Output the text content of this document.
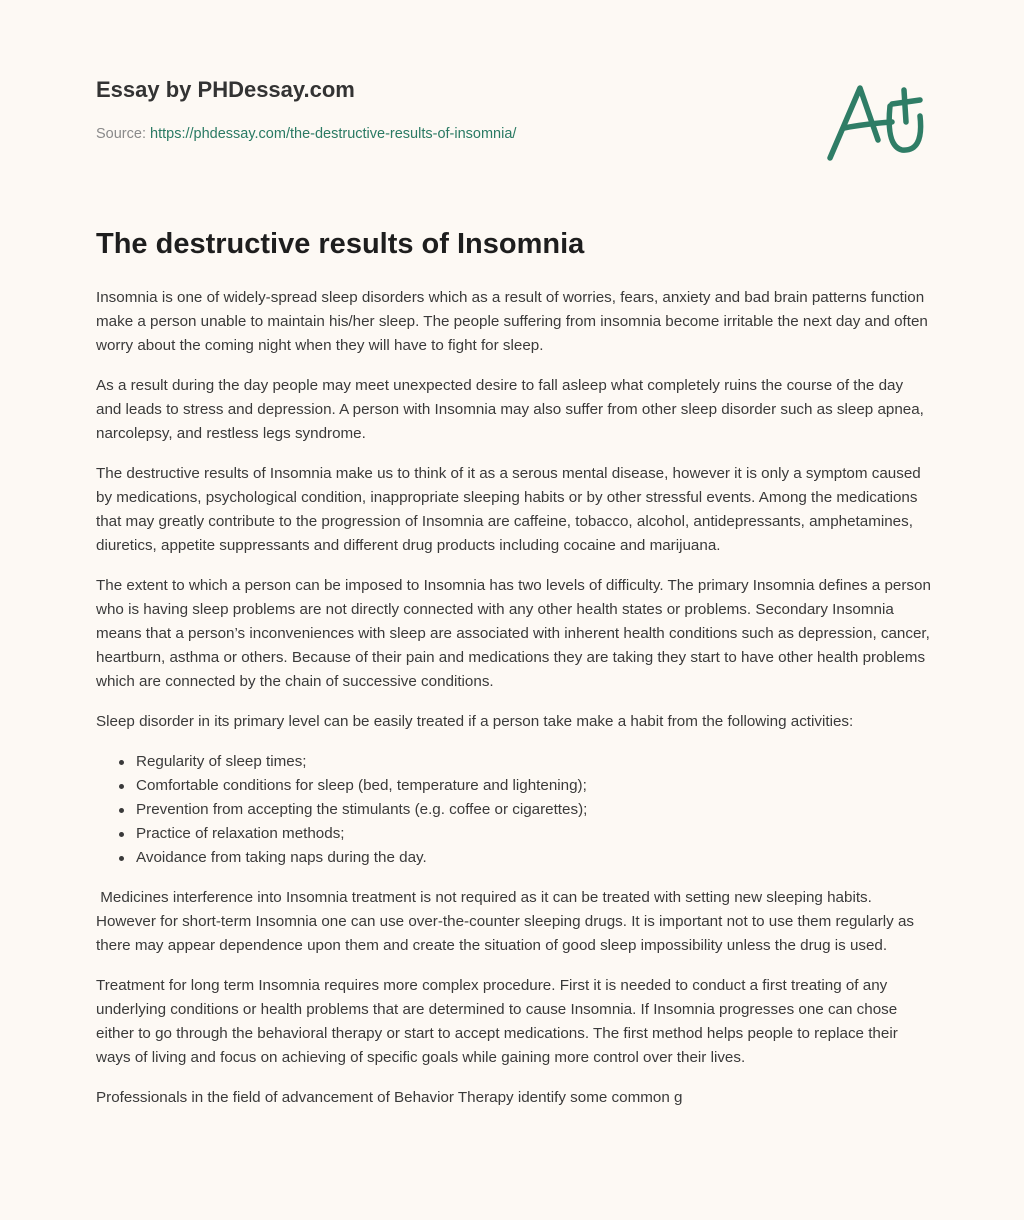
Essay by PHDessay.com

Source: https://phdessay.com/the-destructive-results-of-insomnia/
The destructive results of Insomnia

Insomnia is one of widely-spread sleep disorders which as a result of worries, fears, anxiety and bad brain patterns function make a person unable to maintain his/her sleep. The people suffering from insomnia become irritable the next day and often worry about the coming night when they will have to fight for sleep.

As a result during the day people may meet unexpected desire to fall asleep what completely ruins the course of the day and leads to stress and depression. A person with Insomnia may also suffer from other sleep disorder such as sleep apnea, narcolepsy, and restless legs syndrome.

The destructive results of Insomnia make us to think of it as a serous mental disease, however it is only a symptom caused by medications, psychological condition, inappropriate sleeping habits or by other stressful events. Among the medications that may greatly contribute to the progression of Insomnia are caffeine, tobacco, alcohol, antidepressants, amphetamines, diuretics, appetite suppressants and different drug products including cocaine and marijuana.

The extent to which a person can be imposed to Insomnia has two levels of difficulty. The primary Insomnia defines a person who is having sleep problems are not directly connected with any other health states or problems. Secondary Insomnia means that a person’s inconveniences with sleep are associated with inherent health conditions such as depression, cancer, heartburn, asthma or others. Because of their pain and medications they are taking they start to have other health problems which are connected by the chain of successive conditions.

Sleep disorder in its primary level can be easily treated if a person take make a habit from the following activities:

Regularity of sleep times;
Comfortable conditions for sleep (bed, temperature and lightening);
Prevention from accepting the stimulants (e.g. coffee or cigarettes);
Practice of relaxation methods;
Avoidance from taking naps during the day.

Medicines interference into Insomnia treatment is not required as it can be treated with setting new sleeping habits. However for short-term Insomnia one can use over-the-counter sleeping drugs. It is important not to use them regularly as there may appear dependence upon them and create the situation of good sleep impossibility unless the drug is used.

Treatment for long term Insomnia requires more complex procedure. First it is needed to conduct a first treating of any underlying conditions or health problems that are determined to cause Insomnia. If Insomnia progresses one can chose either to go through the behavioral therapy or start to accept medications. The first method helps people to replace their ways of living and focus on achieving of specific goals while gaining more control over their lives.

Professionals in the field of advancement of Behavior Therapy identify some common g
